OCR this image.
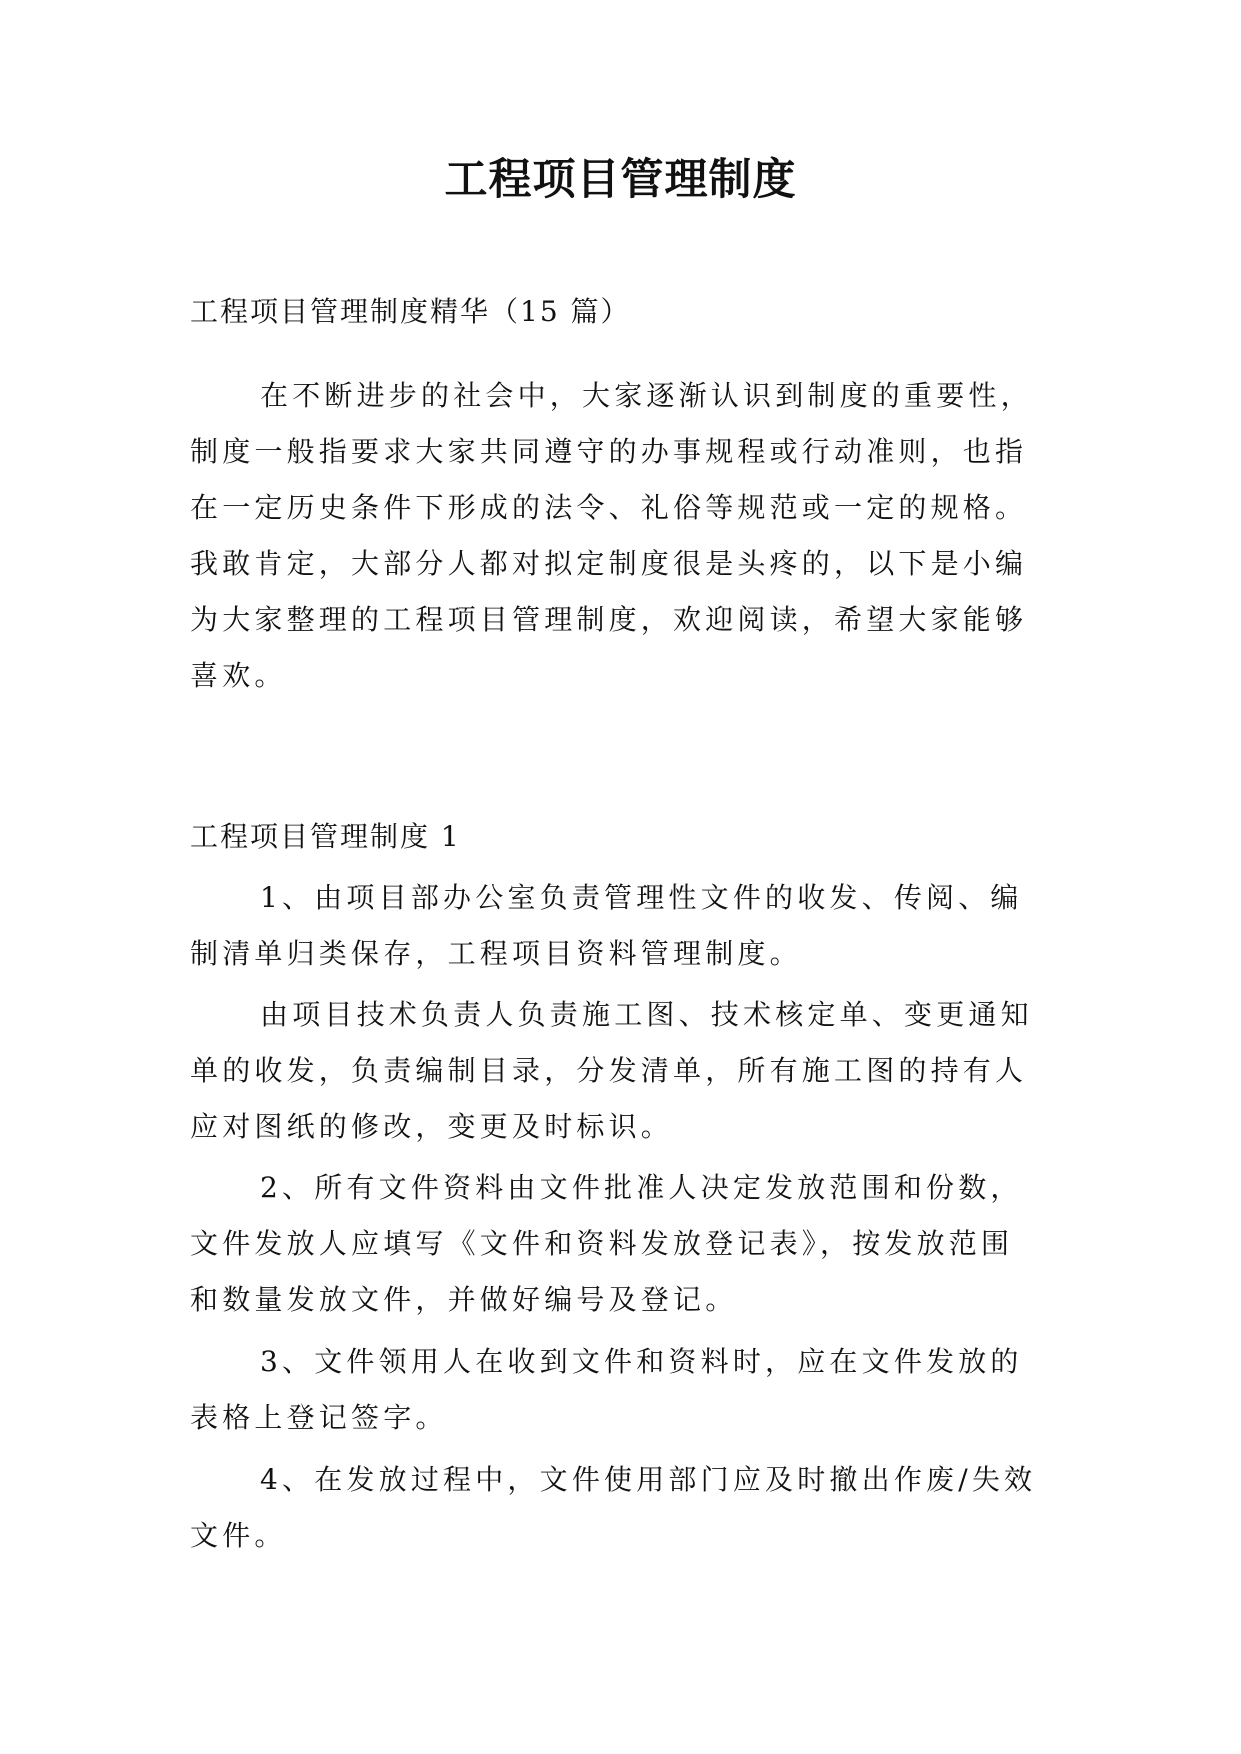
工程项目管理制度

工程项目管理制度精华（15 篇）

在不断进步的社会中，大家逐渐认识到制度的重要性，

制度一般指要求大家共同遵守的办事规程或行动准则，也指

在一定历史条件下形成的法令、礼俗等规范或一定的规格。

我敢肯定，大部分人都对拟定制度很是头疼的，以下是小编

为大家整理的工程项目管理制度，欢迎阅读，希望大家能够

喜欢。

工程项目管理制度 1

1、由项目部办公室负责管理性文件的收发、传阅、编

制清单归类保存，工程项目资料管理制度。

由项目技术负责人负责施工图、技术核定单、变更通知

单的收发，负责编制目录，分发清单，所有施工图的持有人

应对图纸的修改，变更及时标识。

2、所有文件资料由文件批准人决定发放范围和份数，

文件发放人应填写《文件和资料发放登记表》，按发放范围

和数量发放文件，并做好编号及登记。

3、文件领用人在收到文件和资料时，应在文件发放的

表格上登记签字。

4、在发放过程中，文件使用部门应及时撤出作废/失效

文件。
